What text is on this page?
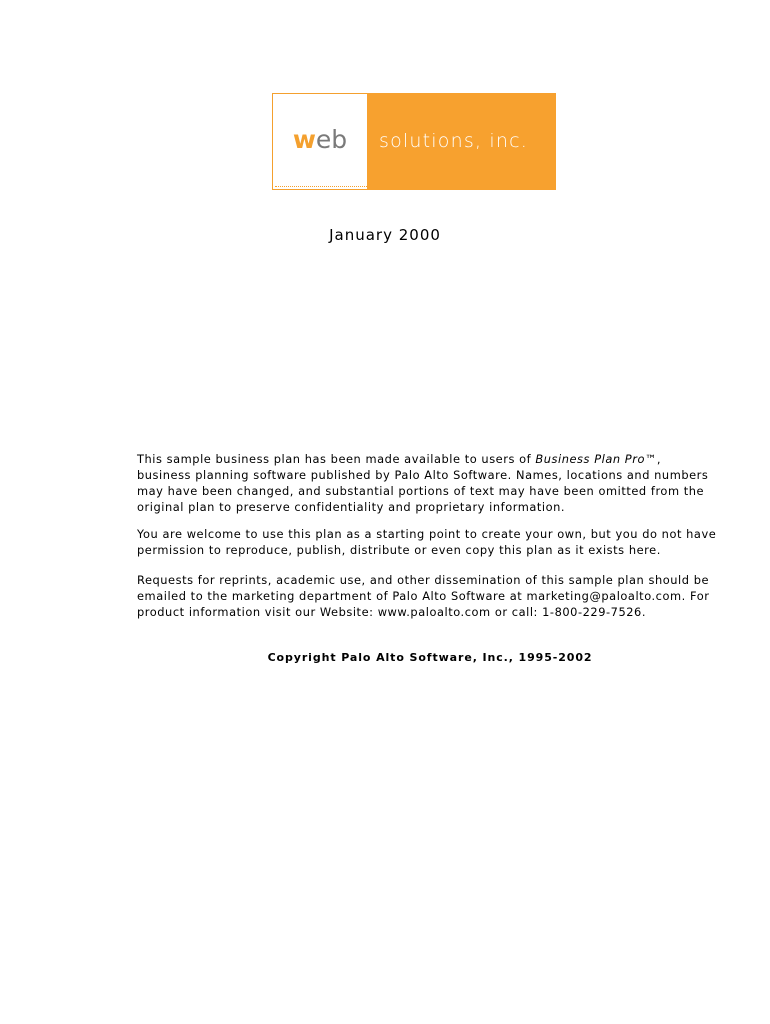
web solutions, inc.
January 2000

This sample business plan has been made available to users of Business Plan Pro™, business planning software published by Palo Alto Software. Names, locations and numbers may have been changed, and substantial portions of text may have been omitted from the original plan to preserve confidentiality and proprietary information.

You are welcome to use this plan as a starting point to create your own, but you do not have permission to reproduce, publish, distribute or even copy this plan as it exists here.

Requests for reprints, academic use, and other dissemination of this sample plan should be emailed to the marketing department of Palo Alto Software at marketing@paloalto.com. For product information visit our Website: www.paloalto.com or call: 1-800-229-7526.

Copyright Palo Alto Software, Inc., 1995-2002
